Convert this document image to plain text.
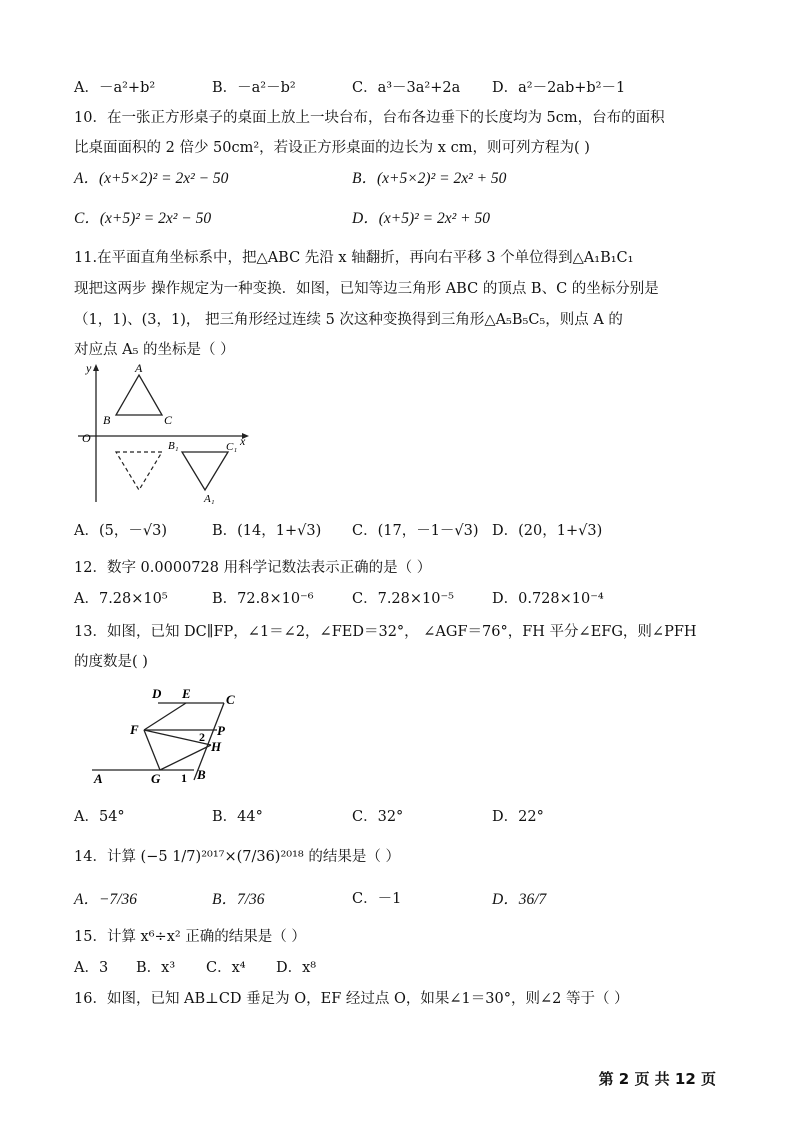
A．－a²+b²	B．－a²－b²	C．a³－3a²+2a D．a²－2ab+b²－1
10．在一张正方形桌子的桌面上放上一块台布，台布各边垂下的长度均为 5cm，台布的面积
比桌面面积的 2 倍少 50cm²，若设正方形桌面的边长为 x cm，则可列方程为( )
A．(x+5×2)² = 2x² − 50	B．(x+5×2)² = 2x² + 50
C．(x+5)² = 2x² − 50	D．(x+5)² = 2x² + 50
11.在平面直角坐标系中，把△ABC 先沿 x 轴翻折，再向右平移 3 个单位得到△A₁B₁C₁
现把这两步 操作规定为一种变换．如图，已知等边三角形 ABC 的顶点 B、C 的坐标分别是
（1，1)、(3，1)， 把三角形经过连续 5 次这种变换得到三角形△A₅B₅C₅，则点 A 的
对应点 A₅ 的坐标是（ ）
y
x
O
A
B	C
B₁	C₁
A₁
A．(5，－√3)	B．(14，1+√3) C．(17，－1－√3) D．(20，1+√3)
12．数字 0.0000728 用科学记数法表示正确的是（ ）
A．7.28×10⁵	B．72.8×10⁻⁶	C．7.28×10⁻⁵	D．0.728×10⁻⁴
13．如图，已知 DC∥FP，∠1＝∠2，∠FED＝32°， ∠AGF＝76°，FH 平分∠EFG，则∠PFH
的度数是( )
D E	C
F	P
2
H
A	G 1 B
A．54°	B．44°	C．32°	D．22°
14．计算 (−5 1/7)²⁰¹⁷×(7/36)²⁰¹⁸ 的结果是（ ）
A．−7/36	B．7/36	C．－1	D．36/7
15．计算 x⁶÷x² 正确的结果是（ ）
A．3 B．x³ C．x⁴ D．x⁸
16．如图，已知 AB⊥CD 垂足为 O，EF 经过点 O，如果∠1＝30°，则∠2 等于（ ）
第 2 页 共 12 页
